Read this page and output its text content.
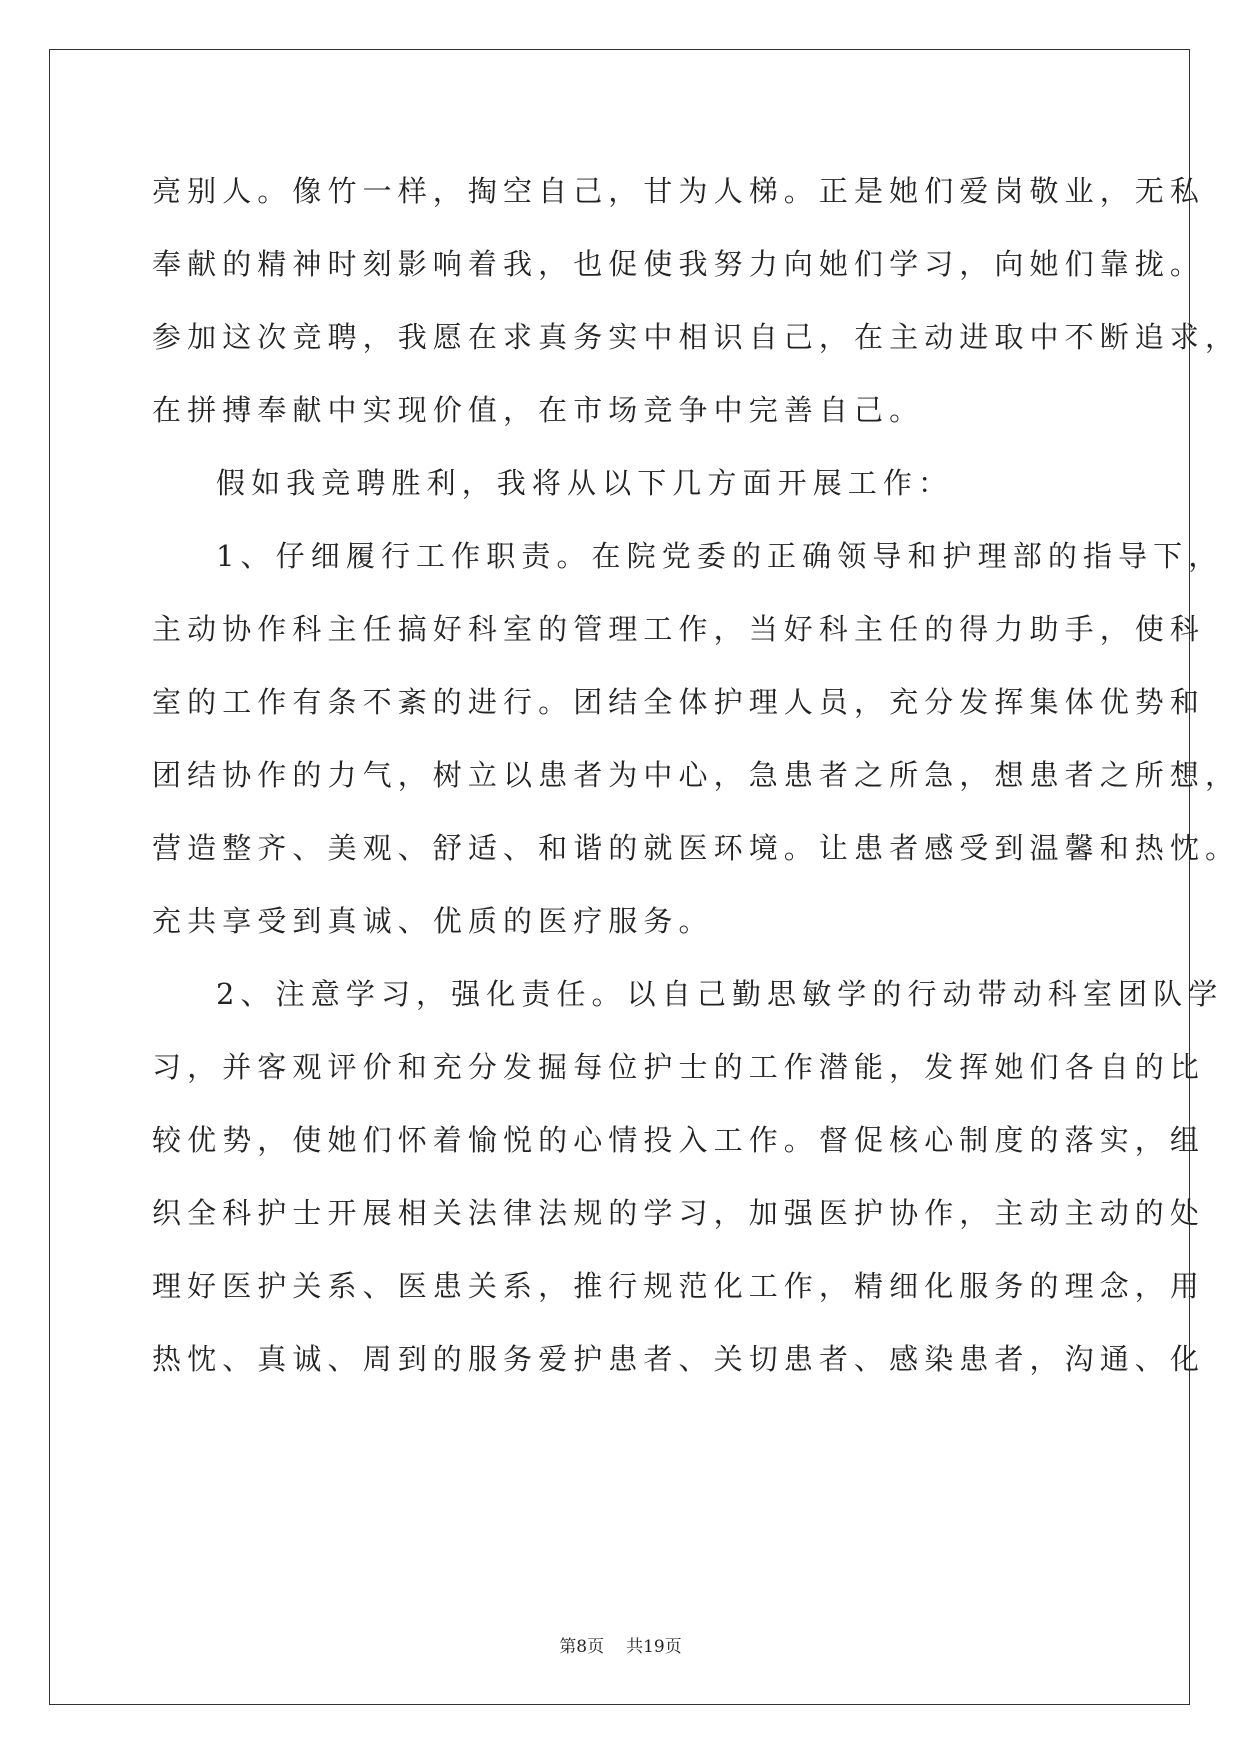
亮别人。像竹一样，掏空自己，甘为人梯。正是她们爱岗敬业，无私
奉献的精神时刻影响着我，也促使我努力向她们学习，向她们靠拢。
参加这次竞聘，我愿在求真务实中相识自己，在主动进取中不断追求，
在拼搏奉献中实现价值，在市场竞争中完善自己。
假如我竞聘胜利，我将从以下几方面开展工作：
1、仔细履行工作职责。在院党委的正确领导和护理部的指导下，
主动协作科主任搞好科室的管理工作，当好科主任的得力助手，使科
室的工作有条不紊的进行。团结全体护理人员，充分发挥集体优势和
团结协作的力气，树立以患者为中心，急患者之所急，想患者之所想，
营造整齐、美观、舒适、和谐的就医环境。让患者感受到温馨和热忱。
充共享受到真诚、优质的医疗服务。
2、注意学习，强化责任。以自己勤思敏学的行动带动科室团队学
习，并客观评价和充分发掘每位护士的工作潜能，发挥她们各自的比
较优势，使她们怀着愉悦的心情投入工作。督促核心制度的落实，组
织全科护士开展相关法律法规的学习，加强医护协作，主动主动的处
理好医护关系、医患关系，推行规范化工作，精细化服务的理念，用
热忱、真诚、周到的服务爱护患者、关切患者、感染患者，沟通、化
第8页 共19页
